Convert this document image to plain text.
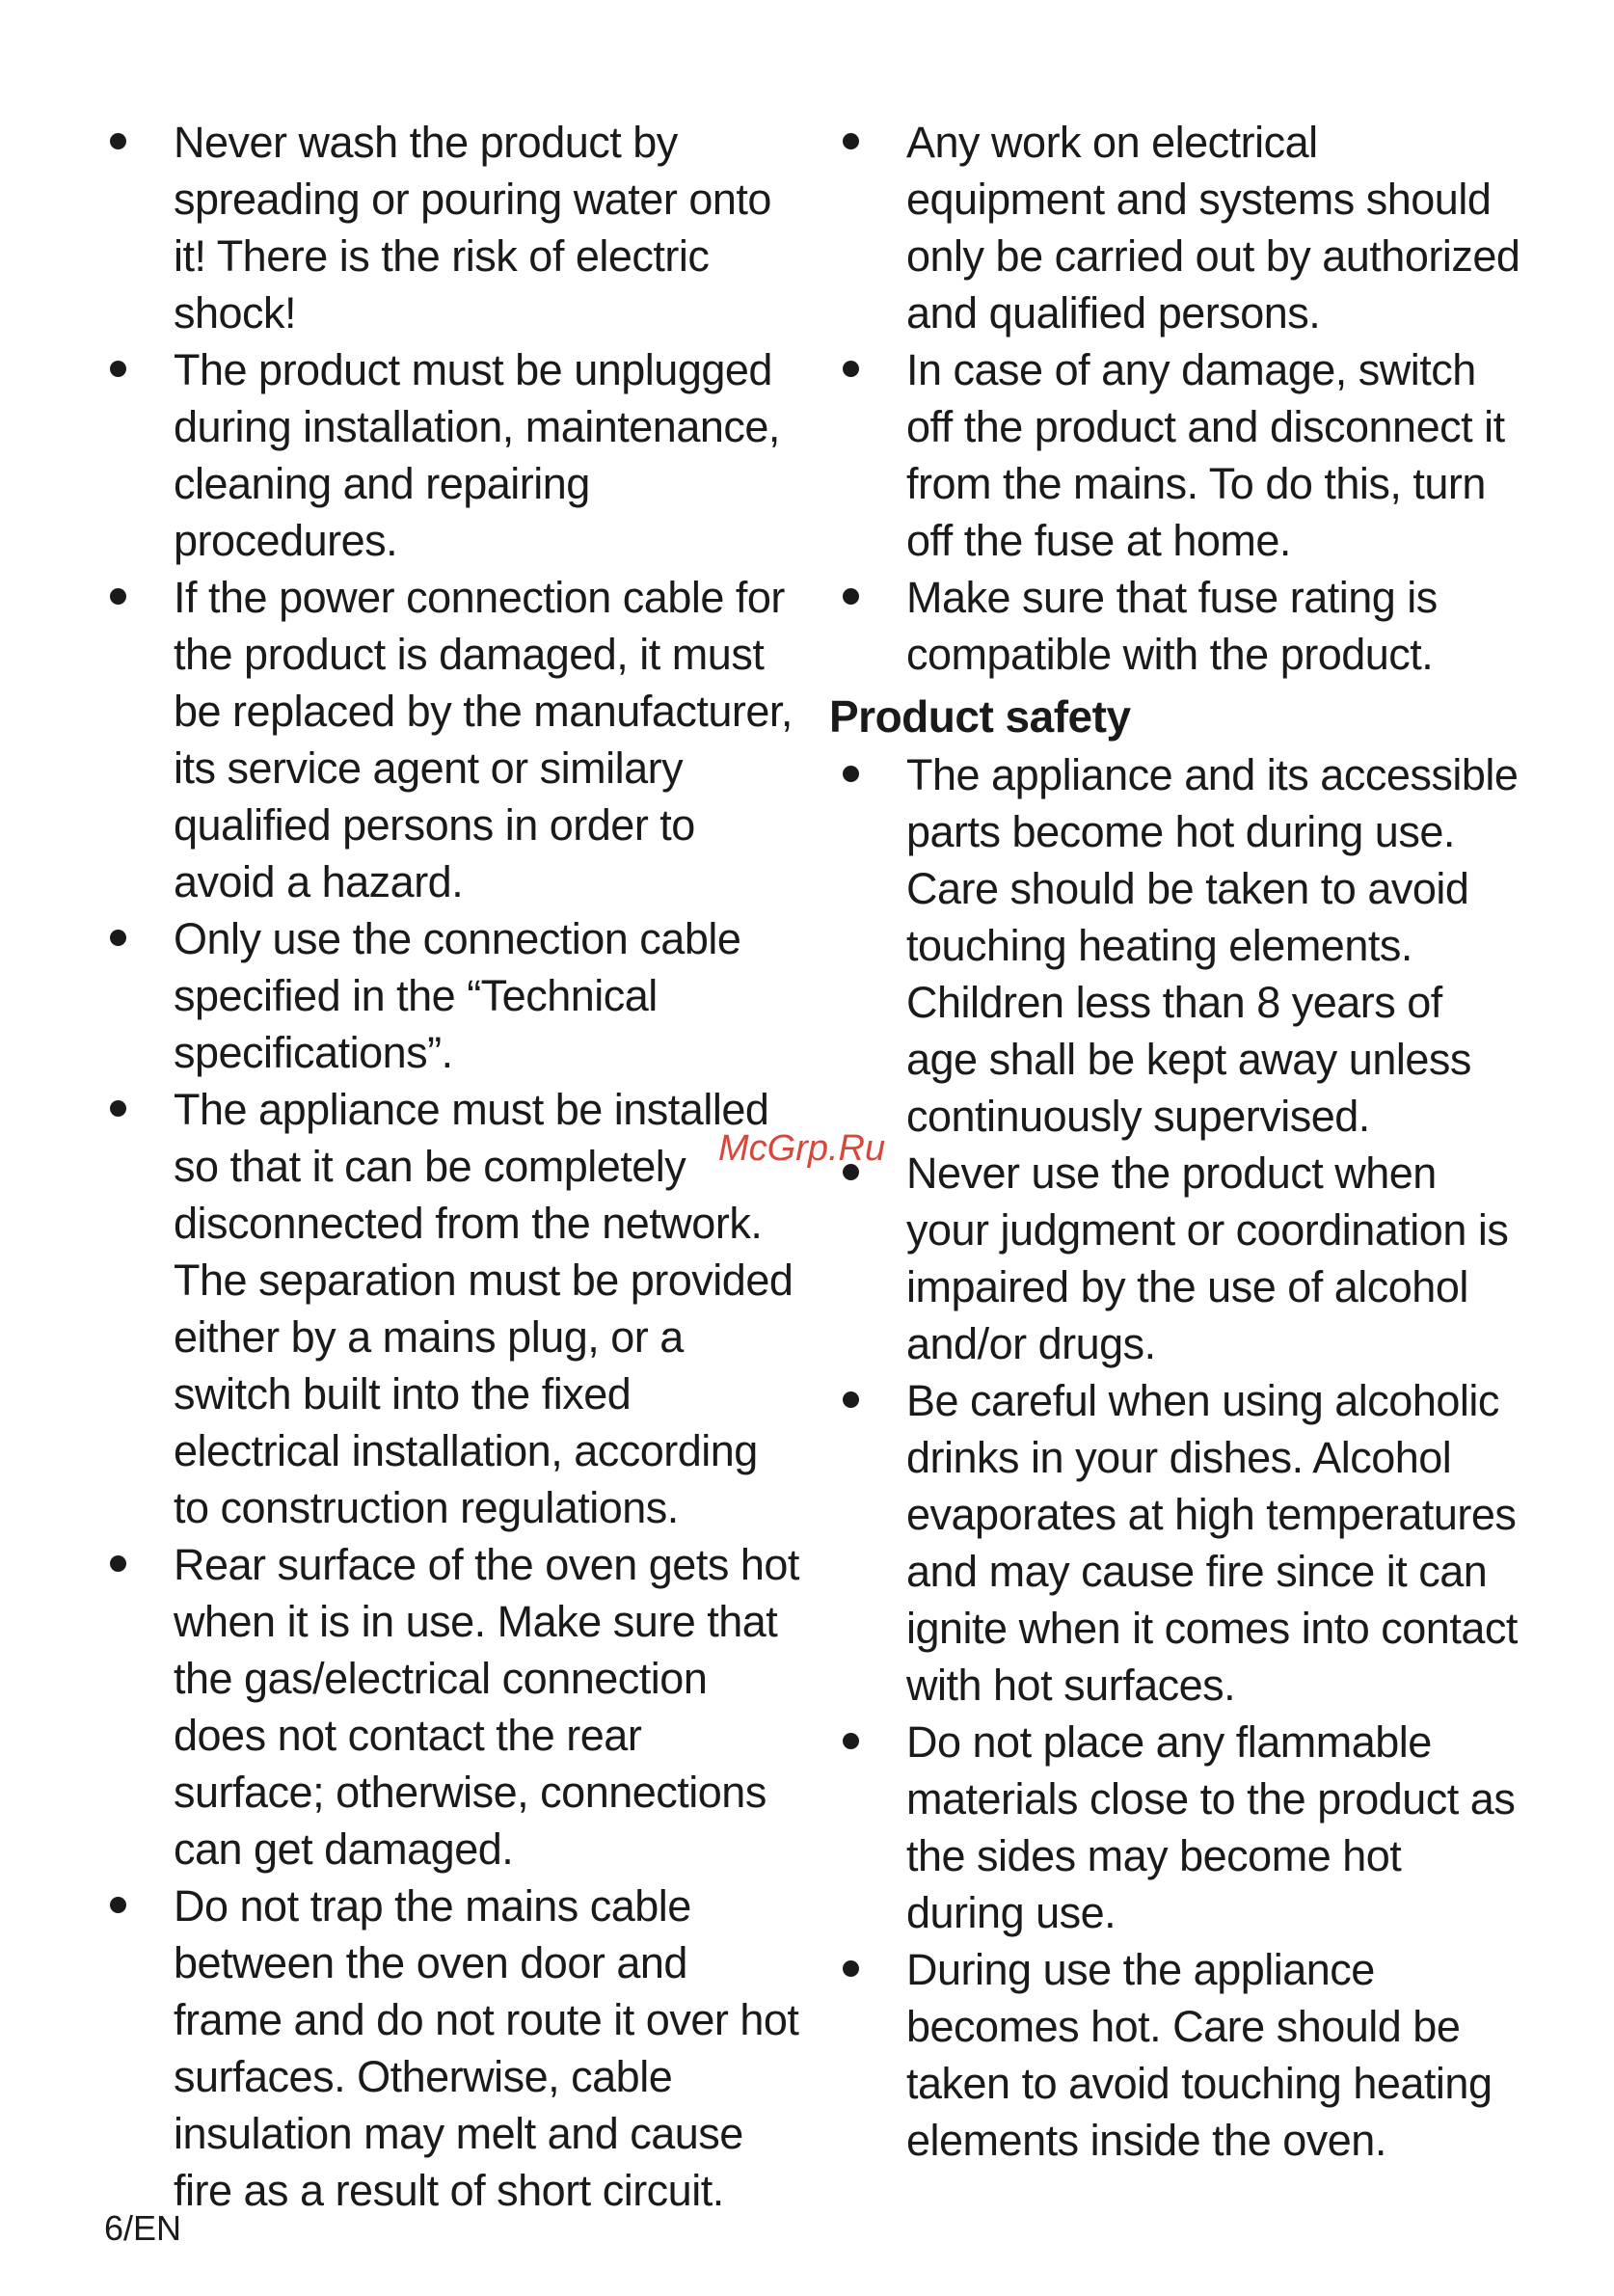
Never wash the product by spreading or pouring water onto it! There is the risk of electric shock!
The product must be unplugged during installation, maintenance, cleaning and repairing procedures.
If the power connection cable for the product is damaged, it must be replaced by the manufacturer, its service agent or similary qualified persons in order to avoid a hazard.
Only use the connection cable specified in the “Technical specifications”.
The appliance must be installed so that it can be completely disconnected from the network. The separation must be provided either by a mains plug, or a switch built into the fixed electrical installation, according to construction regulations.
Rear surface of the oven gets hot when it is in use. Make sure that the gas/electrical connection does not contact the rear surface; otherwise, connections can get damaged.
Do not trap the mains cable between the oven door and frame and do not route it over hot surfaces. Otherwise, cable insulation may melt and cause fire as a result of short circuit.
Any work on electrical equipment and systems should only be carried out by authorized and qualified persons.
In case of any damage, switch off the product and disconnect it from the mains. To do this, turn off the fuse at home.
Make sure that fuse rating is compatible with the product.
Product safety
The appliance and its accessible parts become hot during use. Care should be taken to avoid touching heating elements. Children less than 8 years of age shall be kept away unless continuously supervised.
Never use the product when your judgment or coordination is impaired by the use of alcohol and/or drugs.
Be careful when using alcoholic drinks in your dishes. Alcohol evaporates at high temperatures and may cause fire since it can ignite when it comes into contact with hot surfaces.
Do not place any flammable materials close to the product as the sides may become hot during use.
During use the appliance becomes hot. Care should be taken to avoid touching heating elements inside the oven.
McGrp.Ru
6/EN
